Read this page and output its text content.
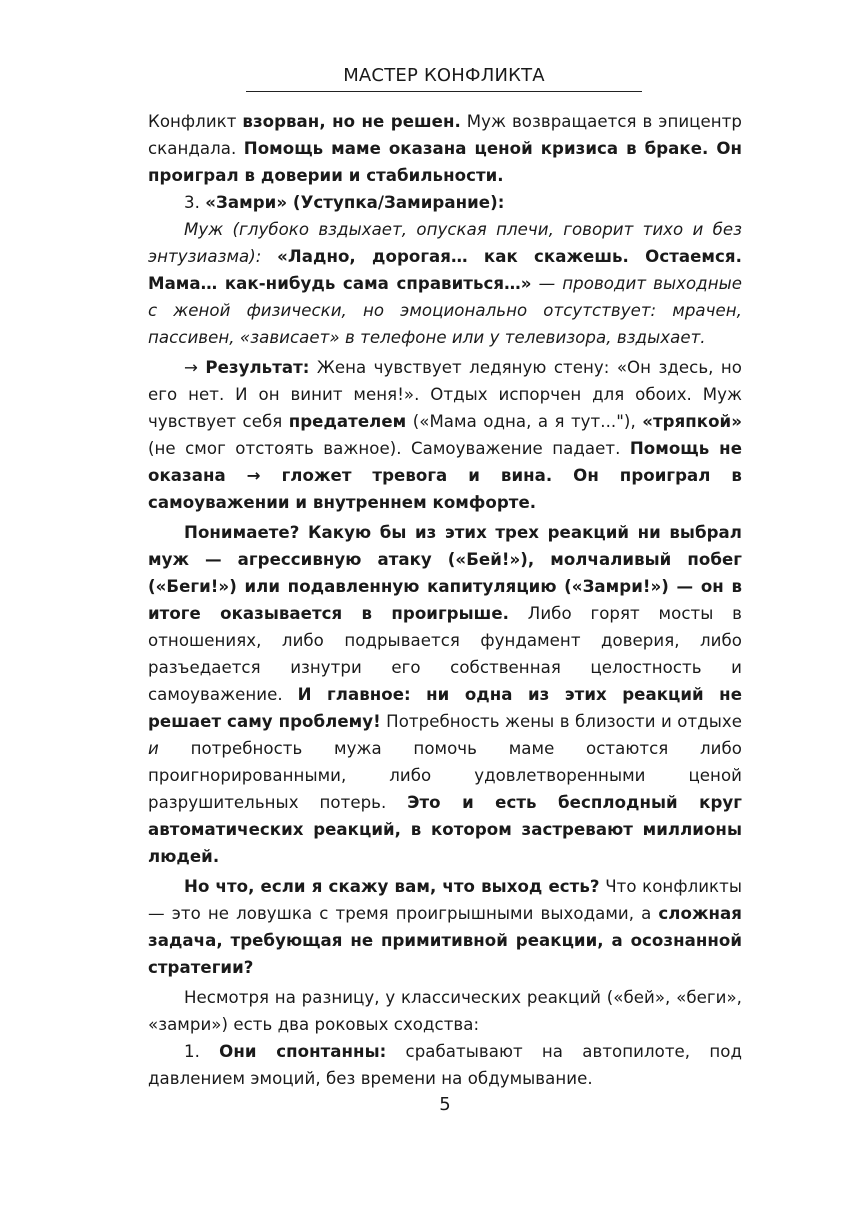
МАСТЕР КОНФЛИКТА

Конфликт взорван, но не решен. Муж возвращается в эпицентр скандала. Помощь маме оказана ценой кризиса в браке. Он проиграл в доверии и стабильности.

3. «Замри» (Уступка/Замирание):

Муж (глубоко вздыхает, опуская плечи, говорит тихо и без энтузиазма): «Ладно, дорогая… как скажешь. Остаемся. Мама… как-нибудь сама справиться…» — проводит выходные с женой физически, но эмоционально отсутствует: мрачен, пассивен, «зависает» в телефоне или у телевизора, вздыхает.

→ Результат: Жена чувствует ледяную стену: «Он здесь, но его нет. И он винит меня!». Отдых испорчен для обоих. Муж чувствует себя предателем («Мама одна, а я тут..."), «тряпкой» (не смог отстоять важное). Самоуважение падает. Помощь не оказана → гложет тревога и вина. Он проиграл в самоуважении и внутреннем комфорте.

Понимаете? Какую бы из этих трех реакций ни выбрал муж — агрессивную атаку («Бей!»), молчаливый побег («Беги!») или подавленную капитуляцию («Замри!») — он в итоге оказывается в проигрыше. Либо горят мосты в отношениях, либо подрывается фундамент доверия, либо разъедается изнутри его собственная целостность и самоуважение. И главное: ни одна из этих реакций не решает саму проблему! Потребность жены в близости и отдыхе и потребность мужа помочь маме остаются либо проигнорированными, либо удовлетворенными ценой разрушительных потерь. Это и есть бесплодный круг автоматических реакций, в котором застревают миллионы людей.

Но что, если я скажу вам, что выход есть? Что конфликты — это не ловушка с тремя проигрышными выходами, а сложная задача, требующая не примитивной реакции, а осознанной стратегии?

Несмотря на разницу, у классических реакций («бей», «беги», «замри») есть два роковых сходства:

1. Они спонтанны: срабатывают на автопилоте, под давлением эмоций, без времени на обдумывание.

5
